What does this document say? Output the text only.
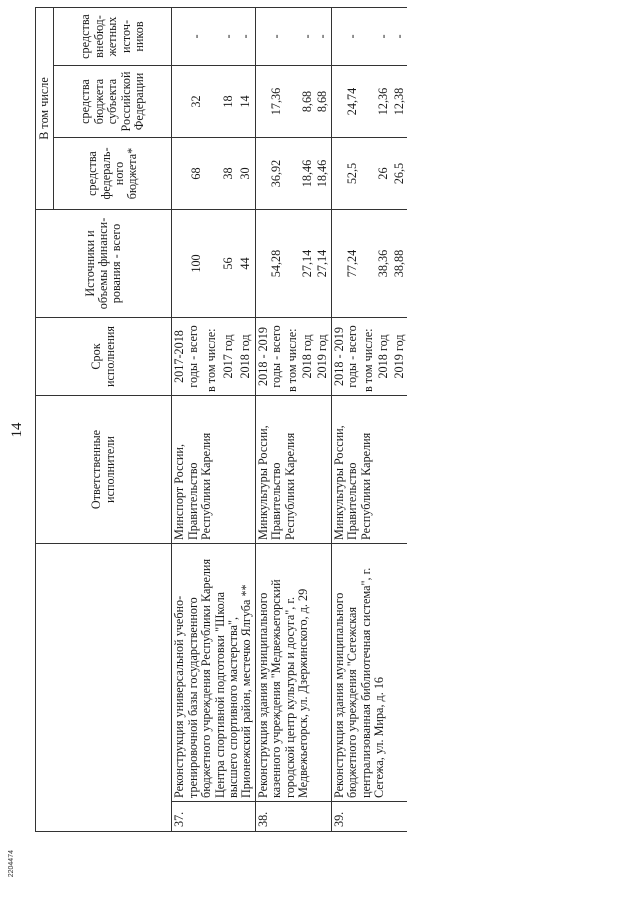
14
		Ответственные исполнители	Срок исполнения	Источники и объемы финанси-рования - всего	В том числе		
					средства федераль-ного бюджета*	средства бюджета субъекта Российской Федерации	средства внебюд-жетных источ-ников
37.	Реконструкция универсальной учебно-тренировочной базы государственного бюджетного учреждения Республики Карелия Центра спортивной подготовки "Школа высшего спортивного мастерства", Прионежский район, местечко Ялгуба **	Минспорт России, Правительство Республики Карелия	2017-2018 годы - всего	100	68	32	-
			в том числе:				
			2017 год	56	38	18	-
			2018 год	44	30	14	-
38.	Реконструкция здания муниципального казенного учреждения "Медвежьегорский городской центр культуры и досуга", г. Медвежьегорск, ул. Дзержинского, д. 29	Минкультуры России, Правительство Республики Карелия	2018 - 2019 годы - всего	54,28	36,92	17,36	-
			в том числе:				
			2018 год	27,14	18,46	8,68	-
			2019 год	27,14	18,46	8,68	-
39.	Реконструкция здания муниципального бюджетного учреждения "Сегежская централизованная библиотечная система", г. Сегежа, ул. Мира, д. 16	Минкультуры России, Правительство Республики Карелия	2018 - 2019 годы - всего	77,24	52,5	24,74	-
			в том числе:				
			2018 год	38,36	26	12,36	-
			2019 год	38,88	26,5	12,38	-
2204474
